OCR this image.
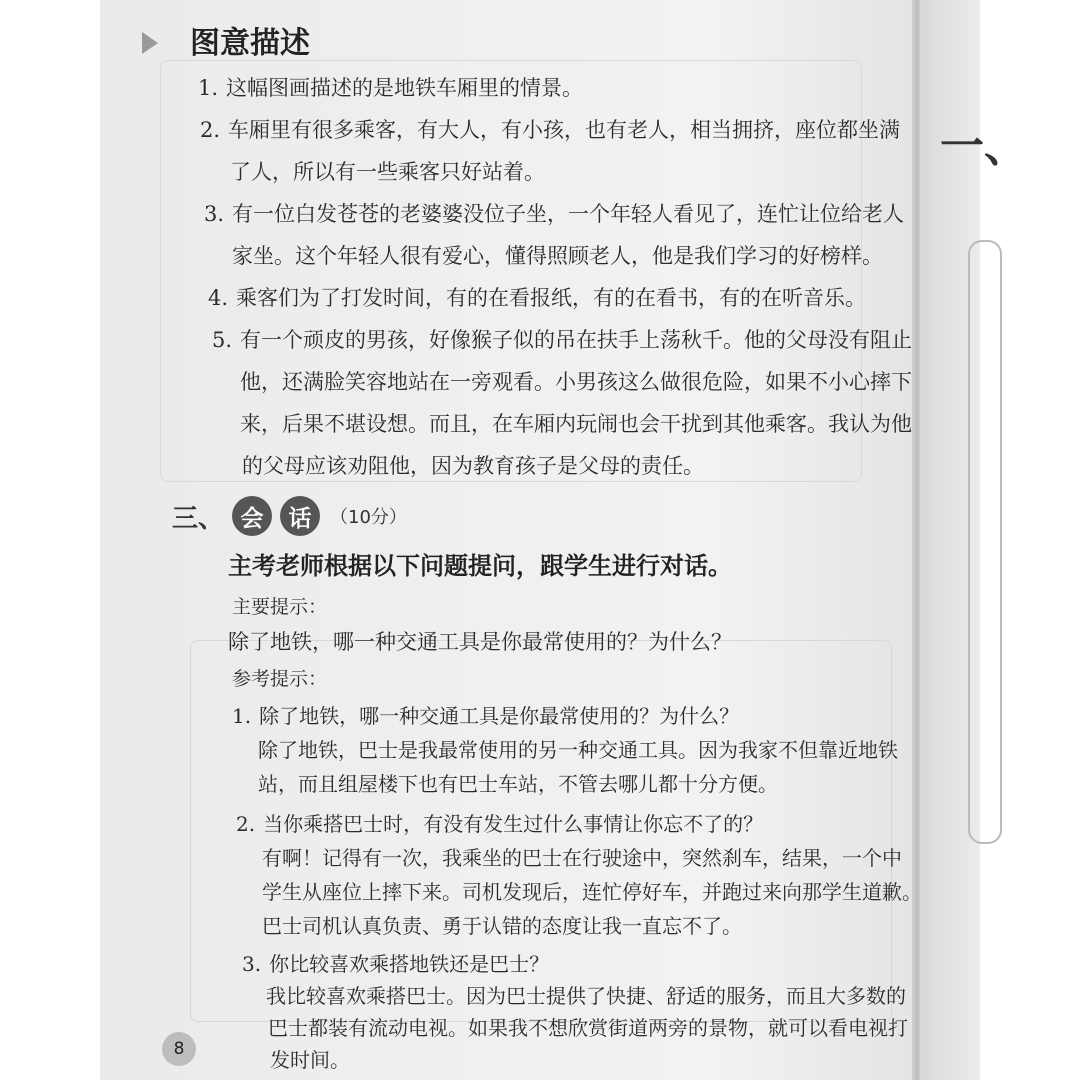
一、
图意描述
1. 这幅图画描述的是地铁车厢里的情景。
2. 车厢里有很多乘客，有大人，有小孩，也有老人，相当拥挤，座位都坐满
了人，所以有一些乘客只好站着。
3. 有一位白发苍苍的老婆婆没位子坐，一个年轻人看见了，连忙让位给老人
家坐。这个年轻人很有爱心，懂得照顾老人，他是我们学习的好榜样。
4. 乘客们为了打发时间，有的在看报纸，有的在看书，有的在听音乐。
5. 有一个顽皮的男孩，好像猴子似的吊在扶手上荡秋千。他的父母没有阻止
他，还满脸笑容地站在一旁观看。小男孩这么做很危险，如果不小心摔下
来，后果不堪设想。而且，在车厢内玩闹也会干扰到其他乘客。我认为他
的父母应该劝阻他，因为教育孩子是父母的责任。
三、 会	话	（10分）
主考老师根据以下问题提问，跟学生进行对话。
主要提示：
除了地铁，哪一种交通工具是你最常使用的？为什么？
参考提示：
1. 除了地铁，哪一种交通工具是你最常使用的？为什么？
除了地铁，巴士是我最常使用的另一种交通工具。因为我家不但靠近地铁
站，而且组屋楼下也有巴士车站，不管去哪儿都十分方便。
2. 当你乘搭巴士时，有没有发生过什么事情让你忘不了的？
有啊！记得有一次，我乘坐的巴士在行驶途中，突然刹车，结果，一个中
学生从座位上摔下来。司机发现后，连忙停好车，并跑过来向那学生道歉。
巴士司机认真负责、勇于认错的态度让我一直忘不了。
3. 你比较喜欢乘搭地铁还是巴士？
我比较喜欢乘搭巴士。因为巴士提供了快捷、舒适的服务，而且大多数的
巴士都装有流动电视。如果我不想欣赏街道两旁的景物，就可以看电视打
发时间。
8
